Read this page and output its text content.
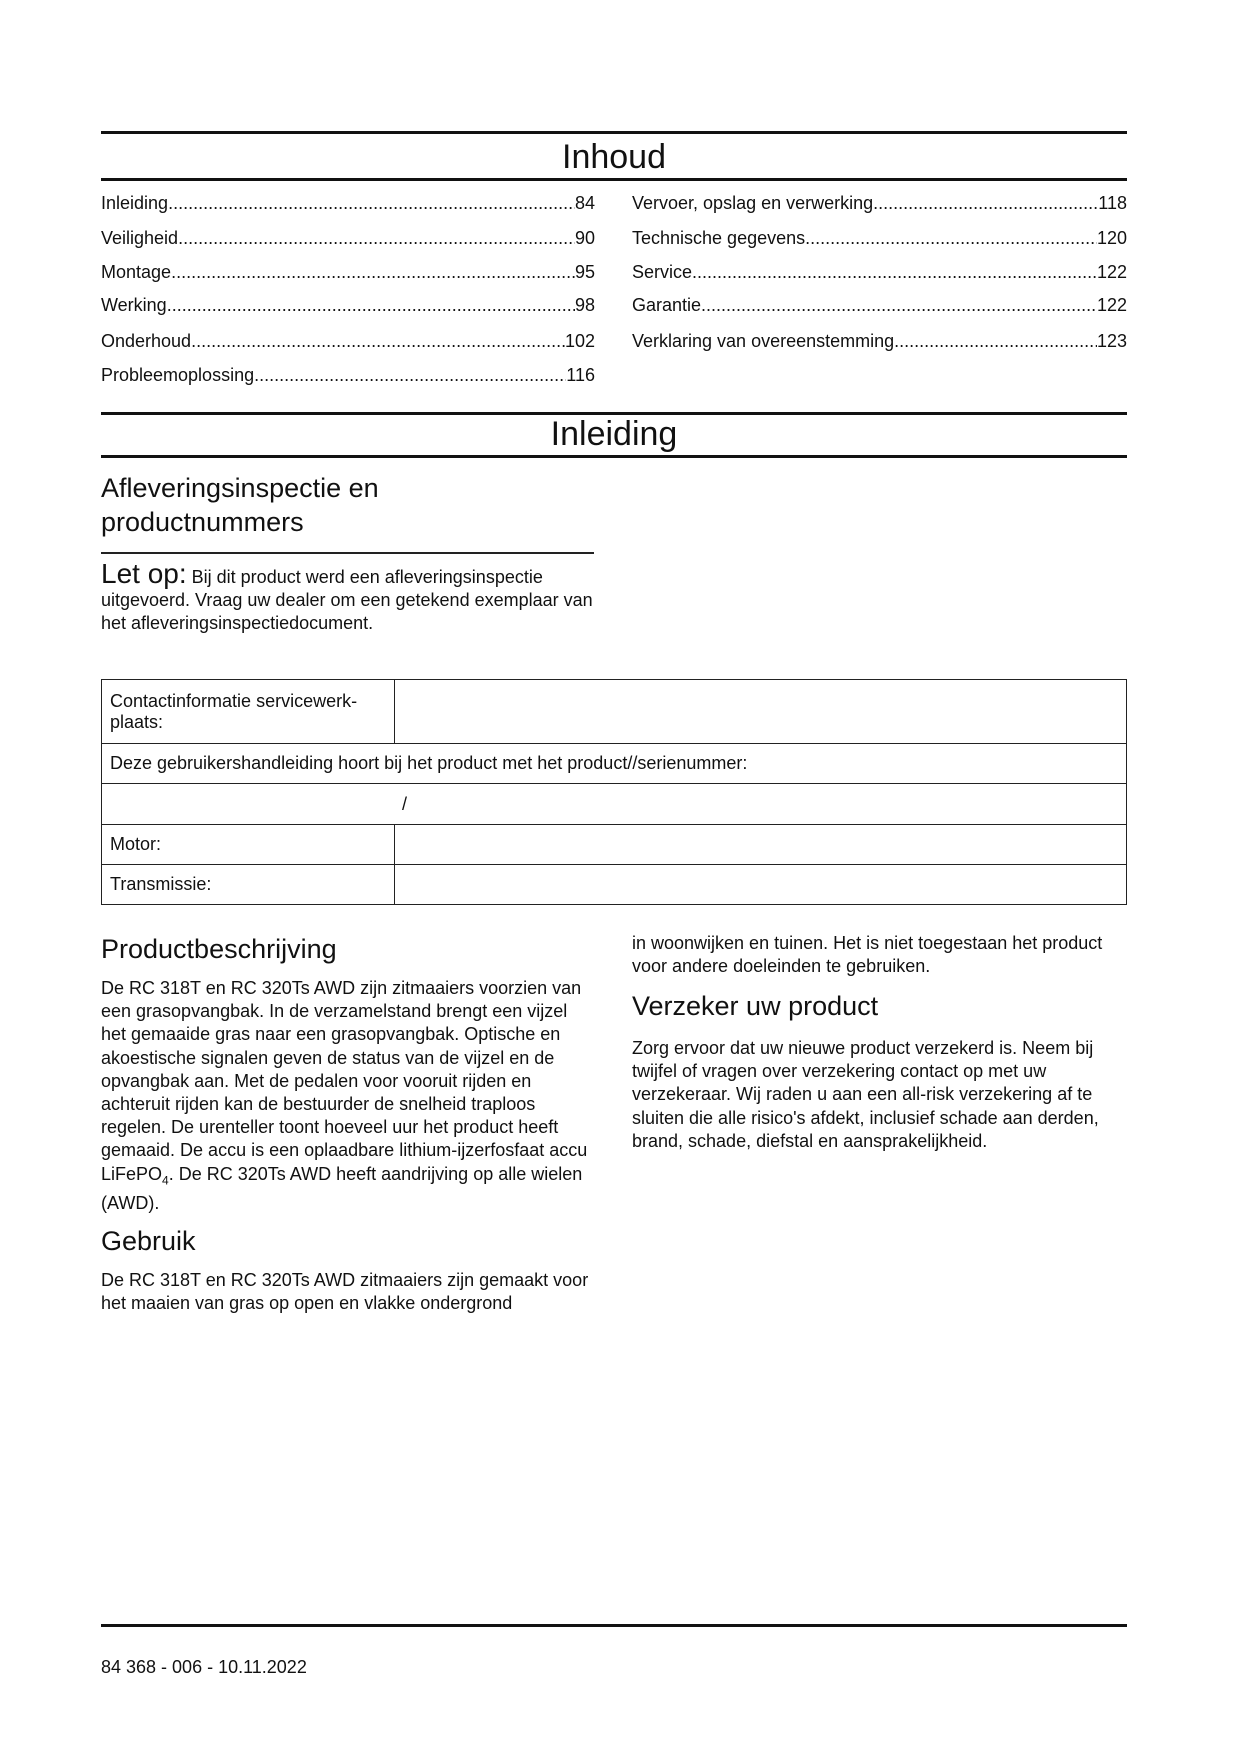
Inhoud
Inleiding .....	84
Veiligheid .....	90
Montage .....	95
Werking .....	98
Onderhoud .....	102
Probleemoplossing .....	116
Vervoer, opslag en verwerking .....	118
Technische gegevens .....	120
Service .....	122
Garantie .....	122
Verklaring van overeenstemming .....	123
Inleiding
Afleveringsinspectie en productnummers

Let op: Bij dit product werd een afleveringsinspectie uitgevoerd. Vraag uw dealer om een getekend exemplaar van het afleveringsinspectiedocument.

Contactinformatie servicewerk-plaats:	
Deze gebruikershandleiding hoort bij het product met het product//serienummer:	
/	
Motor:	
Transmissie:	
Productbeschrijving

De RC 318T en RC 320Ts AWD zijn zitmaaiers voorzien van een grasopvangbak. In de verzamelstand brengt een vijzel het gemaaide gras naar een grasopvangbak. Optische en akoestische signalen geven de status van de vijzel en de opvangbak aan. Met de pedalen voor vooruit rijden en achteruit rijden kan de bestuurder de snelheid traploos regelen. De urenteller toont hoeveel uur het product heeft gemaaid. De accu is een oplaadbare lithium-ijzerfosfaat accu LiFePO$_4$. De RC 320Ts AWD heeft aandrijving op alle wielen (AWD).

Gebruik

De RC 318T en RC 320Ts AWD zitmaaiers zijn gemaakt voor het maaien van gras op open en vlakke ondergrond

in woonwijken en tuinen. Het is niet toegestaan het product voor andere doeleinden te gebruiken.

Verzeker uw product

Zorg ervoor dat uw nieuwe product verzekerd is. Neem bij twijfel of vragen over verzekering contact op met uw verzekeraar. Wij raden u aan een all-risk verzekering af te sluiten die alle risico's afdekt, inclusief schade aan derden, brand, schade, diefstal en aansprakelijkheid.

84 368 - 006 - 10.11.2022
